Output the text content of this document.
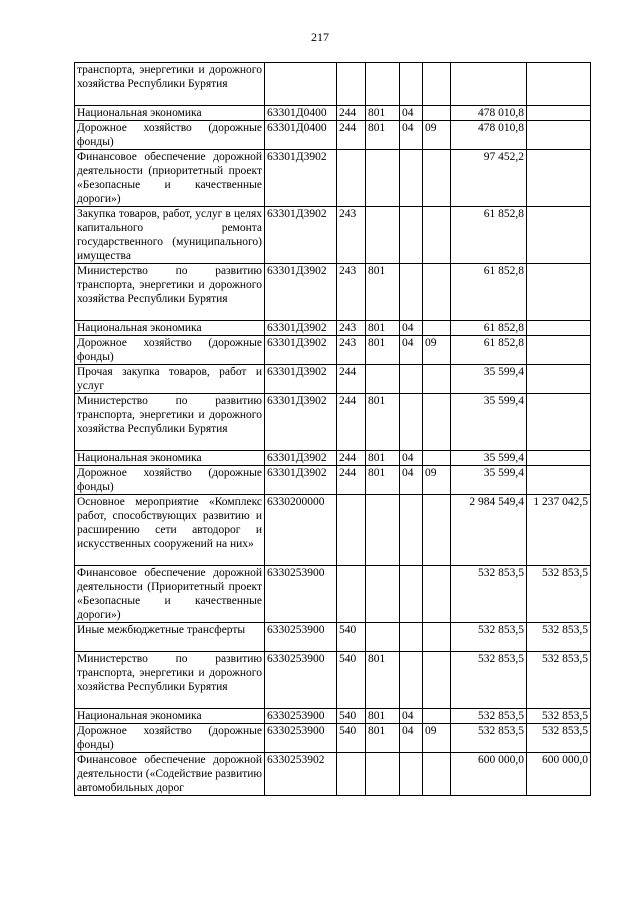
217
транспорта, энергетики и дорожного хозяйства Республики Бурятия							
Национальная экономика	63301Д0400	244	801	04		478 010,8	
Дорожное хозяйство (дорожные фонды)	63301Д0400	244	801	04	09	478 010,8	
Финансовое обеспечение дорожной деятельности (приоритетный проект «Безопасные и качественные дороги»)	63301Д3902					97 452,2	
Закупка товаров, работ, услуг в целях капитального ремонта государственного (муниципального) имущества	63301Д3902	243				61 852,8	
Министерство по развитию транспорта, энергетики и дорожного хозяйства Республики Бурятия	63301Д3902	243	801			61 852,8	
Национальная экономика	63301Д3902	243	801	04		61 852,8	
Дорожное хозяйство (дорожные фонды)	63301Д3902	243	801	04	09	61 852,8	
Прочая закупка товаров, работ и услуг	63301Д3902	244				35 599,4	
Министерство по развитию транспорта, энергетики и дорожного хозяйства Республики Бурятия	63301Д3902	244	801			35 599,4	
Национальная экономика	63301Д3902	244	801	04		35 599,4	
Дорожное хозяйство (дорожные фонды)	63301Д3902	244	801	04	09	35 599,4	
Основное мероприятие «Комплекс работ, способствующих развитию и расширению сети автодорог и искусственных сооружений на них»	6330200000					2 984 549,4	1 237 042,5
Финансовое обеспечение дорожной деятельности (Приоритетный проект «Безопасные и качественные дороги»)	6330253900					532 853,5	532 853,5
Иные межбюджетные трансферты	6330253900	540				532 853,5	532 853,5
Министерство по развитию транспорта, энергетики и дорожного хозяйства Республики Бурятия	6330253900	540	801			532 853,5	532 853,5
Национальная экономика	6330253900	540	801	04		532 853,5	532 853,5
Дорожное хозяйство (дорожные фонды)	6330253900	540	801	04	09	532 853,5	532 853,5
Финансовое обеспечение дорожной деятельности («Содействие развитию автомобильных дорог	6330253902					600 000,0	600 000,0
